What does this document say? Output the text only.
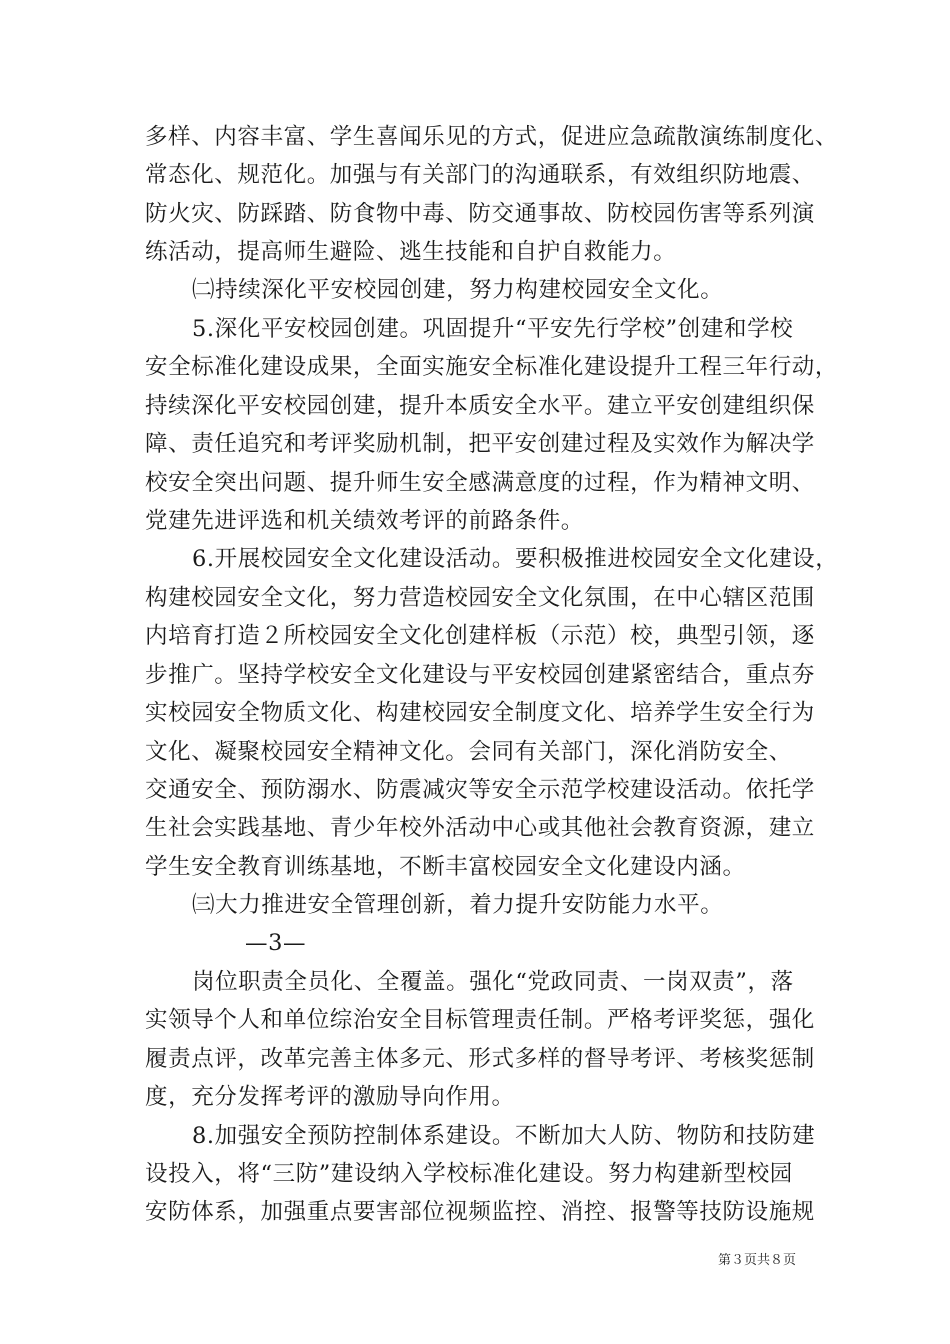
多样、内容丰富、学生喜闻乐见的方式，促进应急疏散演练制度化、
常态化、规范化。加强与有关部门的沟通联系，有效组织防地震、
防火灾、防踩踏、防食物中毒、防交通事故、防校园伤害等系列演
练活动，提高师生避险、逃生技能和自护自救能力。
㈡持续深化平安校园创建，努力构建校园安全文化。
5.深化平安校园创建。巩固提升“平安先行学校”创建和学校
安全标准化建设成果，全面实施安全标准化建设提升工程三年行动，
持续深化平安校园创建，提升本质安全水平。建立平安创建组织保
障、责任追究和考评奖励机制，把平安创建过程及实效作为解决学
校安全突出问题、提升师生安全感满意度的过程，作为精神文明、
党建先进评选和机关绩效考评的前路条件。
6.开展校园安全文化建设活动。要积极推进校园安全文化建设，
构建校园安全文化，努力营造校园安全文化氛围，在中心辖区范围
内培育打造２所校园安全文化创建样板（示范）校，典型引领，逐
步推广。坚持学校安全文化建设与平安校园创建紧密结合，重点夯
实校园安全物质文化、构建校园安全制度文化、培养学生安全行为
文化、凝聚校园安全精神文化。会同有关部门，深化消防安全、
交通安全、预防溺水、防震减灾等安全示范学校建设活动。依托学
生社会实践基地、青少年校外活动中心或其他社会教育资源，建立
学生安全教育训练基地，不断丰富校园安全文化建设内涵。
㈢大力推进安全管理创新，着力提升安防能力水平。
—3—
岗位职责全员化、全覆盖。强化“党政同责、一岗双责”，落
实领导个人和单位综治安全目标管理责任制。严格考评奖惩，强化
履责点评，改革完善主体多元、形式多样的督导考评、考核奖惩制
度，充分发挥考评的激励导向作用。
8.加强安全预防控制体系建设。不断加大人防、物防和技防建
设投入，将“三防”建设纳入学校标准化建设。努力构建新型校园
安防体系，加强重点要害部位视频监控、消控、报警等技防设施规
第３页共８页
